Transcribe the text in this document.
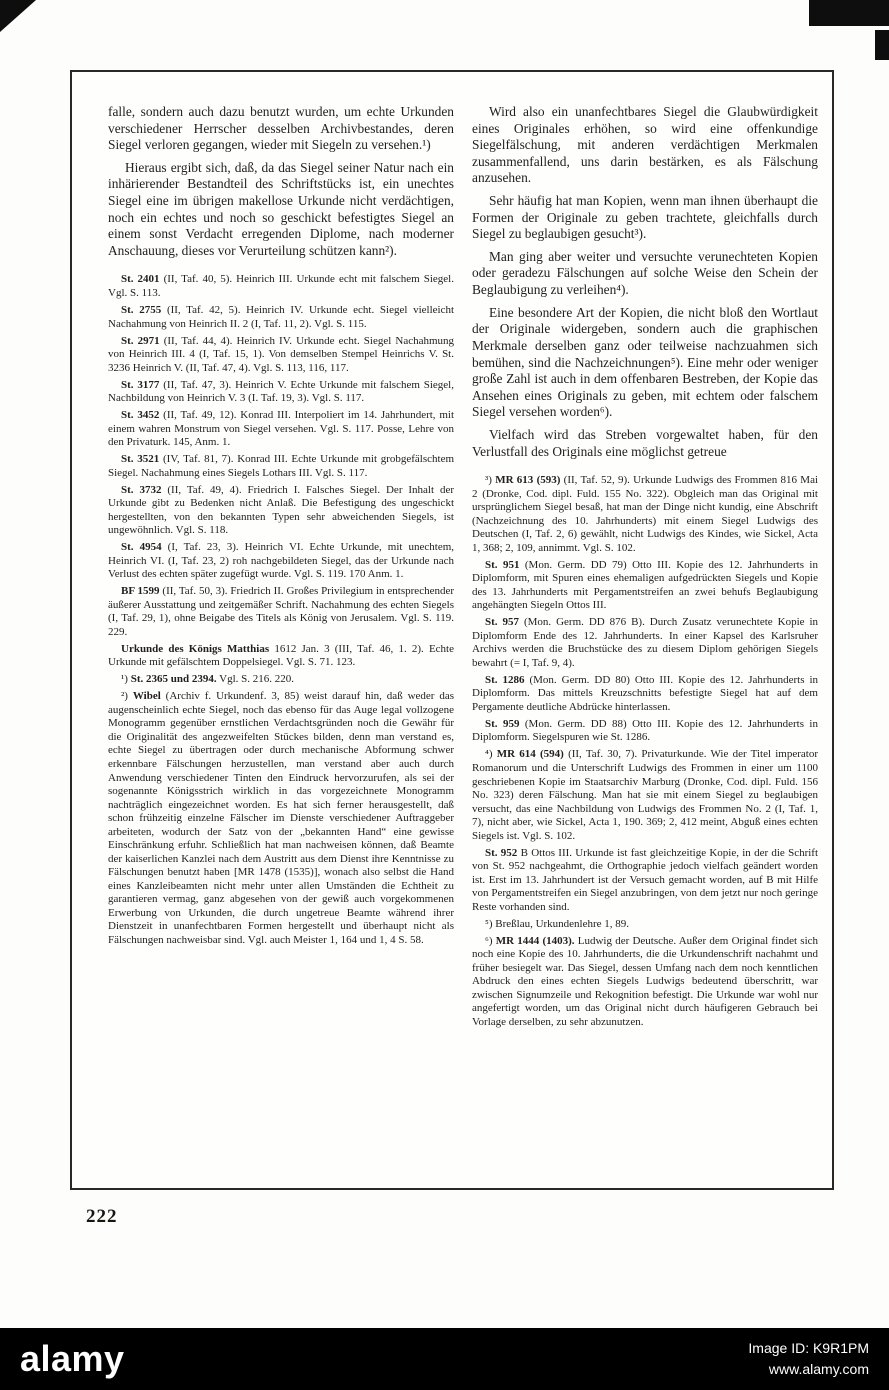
falle, sondern auch dazu benutzt wurden, um echte Urkunden verschiedener Herrscher desselben Archivbestandes, deren Siegel verloren gegangen, wieder mit Siegeln zu versehen.¹)

Hieraus ergibt sich, daß, da das Siegel seiner Natur nach ein inhärierender Bestandteil des Schriftstücks ist, ein unechtes Siegel eine im übrigen makellose Urkunde nicht verdächtigen, noch ein echtes und noch so geschickt befestigtes Siegel an einem sonst Verdacht erregenden Diplome, nach moderner Anschauung, dieses vor Verurteilung schützen kann²).

St. 2401 (II, Taf. 40, 5). Heinrich III. Urkunde echt mit falschem Siegel. Vgl. S. 113.

St. 2755 (II, Taf. 42, 5). Heinrich IV. Urkunde echt. Siegel vielleicht Nachahmung von Heinrich II. 2 (I, Taf. 11, 2). Vgl. S. 115.

St. 2971 (II, Taf. 44, 4). Heinrich IV. Urkunde echt. Siegel Nachahmung von Heinrich III. 4 (I, Taf. 15, 1). Von demselben Stempel Heinrichs V. St. 3236 Heinrich V. (II, Taf. 47, 4). Vgl. S. 113, 116, 117.

St. 3177 (II, Taf. 47, 3). Heinrich V. Echte Urkunde mit falschem Siegel, Nachbildung von Heinrich V. 3 (I. Taf. 19, 3). Vgl. S. 117.

St. 3452 (II, Taf. 49, 12). Konrad III. Interpoliert im 14. Jahrhundert, mit einem wahren Monstrum von Siegel versehen. Vgl. S. 117. Posse, Lehre von den Privaturk. 145, Anm. 1.

St. 3521 (IV, Taf. 81, 7). Konrad III. Echte Urkunde mit grobgefälschtem Siegel. Nachahmung eines Siegels Lothars III. Vgl. S. 117.

St. 3732 (II, Taf. 49, 4). Friedrich I. Falsches Siegel. Der Inhalt der Urkunde gibt zu Bedenken nicht Anlaß. Die Befestigung des ungeschickt hergestellten, von den bekannten Typen sehr abweichenden Siegels, ist ungewöhnlich. Vgl. S. 118.

St. 4954 (I, Taf. 23, 3). Heinrich VI. Echte Urkunde, mit unechtem, Heinrich VI. (I, Taf. 23, 2) roh nachgebildeten Siegel, das der Urkunde nach Verlust des echten später zugefügt wurde. Vgl. S. 119. 170 Anm. 1.

BF 1599 (II, Taf. 50, 3). Friedrich II. Großes Privilegium in entsprechender äußerer Ausstattung und zeitgemäßer Schrift. Nachahmung des echten Siegels (I, Taf. 29, 1), ohne Beigabe des Titels als König von Jerusalem. Vgl. S. 119. 229.

Urkunde des Königs Matthias 1612 Jan. 3 (III, Taf. 46, 1. 2). Echte Urkunde mit gefälschtem Doppelsiegel. Vgl. S. 71. 123.

¹) St. 2365 und 2394. Vgl. S. 216. 220.

²) Wibel (Archiv f. Urkundenf. 3, 85) weist darauf hin, daß weder das augenscheinlich echte Siegel, noch das ebenso für das Auge legal vollzogene Monogramm gegenüber ernstlichen Verdachtsgründen noch die Gewähr für die Originalität des angezweifelten Stückes bilden, denn man verstand es, echte Siegel zu übertragen oder durch mechanische Abformung schwer erkennbare Fälschungen herzustellen, man verstand aber auch durch Anwendung verschiedener Tinten den Eindruck hervorzurufen, als sei der sogenannte Königsstrich wirklich in das vorgezeichnete Monogramm nachträglich eingezeichnet worden. Es hat sich ferner herausgestellt, daß schon frühzeitig einzelne Fälscher im Dienste verschiedener Auftraggeber arbeiteten, wodurch der Satz von der „bekannten Hand“ eine gewisse Einschränkung erfuhr. Schließlich hat man nachweisen können, daß Beamte der kaiserlichen Kanzlei nach dem Austritt aus dem Dienst ihre Kenntnisse zu Fälschungen benutzt haben [MR 1478 (1535)], wonach also selbst die Hand eines Kanzleibeamten nicht mehr unter allen Umständen die Echtheit zu garantieren vermag, ganz abgesehen von der gewiß auch vorgekommenen Erwerbung von Urkunden, die durch ungetreue Beamte während ihrer Dienstzeit in unanfechtbaren Formen hergestellt und überhaupt nicht als Fälschungen nachweisbar sind. Vgl. auch Meister 1, 164 und 1, 4 S. 58.

Wird also ein unanfechtbares Siegel die Glaubwürdigkeit eines Originales erhöhen, so wird eine offenkundige Siegelfälschung, mit anderen verdächtigen Merkmalen zusammenfallend, uns darin bestärken, es als Fälschung anzusehen.

Sehr häufig hat man Kopien, wenn man ihnen überhaupt die Formen der Originale zu geben trachtete, gleichfalls durch Siegel zu beglaubigen gesucht³).

Man ging aber weiter und versuchte verunechteten Kopien oder geradezu Fälschungen auf solche Weise den Schein der Beglaubigung zu verleihen⁴).

Eine besondere Art der Kopien, die nicht bloß den Wortlaut der Originale widergeben, sondern auch die graphischen Merkmale derselben ganz oder teilweise nachzuahmen sich bemühen, sind die Nachzeichnungen⁵). Eine mehr oder weniger große Zahl ist auch in dem offenbaren Bestreben, der Kopie das Ansehen eines Originals zu geben, mit echtem oder falschem Siegel versehen worden⁶).

Vielfach wird das Streben vorgewaltet haben, für den Verlustfall des Originals eine möglichst getreue

³) MR 613 (593) (II, Taf. 52, 9). Urkunde Ludwigs des Frommen 816 Mai 2 (Dronke, Cod. dipl. Fuld. 155 No. 322). Obgleich man das Original mit ursprünglichem Siegel besaß, hat man der Dinge nicht kundig, eine Abschrift (Nachzeichnung des 10. Jahrhunderts) mit einem Siegel Ludwigs des Deutschen (I, Taf. 2, 6) gewählt, nicht Ludwigs des Kindes, wie Sickel, Acta 1, 368; 2, 109, annimmt. Vgl. S. 102.

St. 951 (Mon. Germ. DD 79) Otto III. Kopie des 12. Jahrhunderts in Diplomform, mit Spuren eines ehemaligen aufgedrückten Siegels und Kopie des 13. Jahrhunderts mit Pergamentstreifen an zwei behufs Beglaubigung angehängten Siegeln Ottos III.

St. 957 (Mon. Germ. DD 876 B). Durch Zusatz verunechtete Kopie in Diplomform Ende des 12. Jahrhunderts. In einer Kapsel des Karlsruher Archivs werden die Bruchstücke des zu diesem Diplom gehörigen Siegels bewahrt (= I, Taf. 9, 4).

St. 1286 (Mon. Germ. DD 80) Otto III. Kopie des 12. Jahrhunderts in Diplomform. Das mittels Kreuzschnitts befestigte Siegel hat auf dem Pergamente deutliche Abdrücke hinterlassen.

St. 959 (Mon. Germ. DD 88) Otto III. Kopie des 12. Jahrhunderts in Diplomform. Siegelspuren wie St. 1286.

⁴) MR 614 (594) (II, Taf. 30, 7). Privaturkunde. Wie der Titel imperator Romanorum und die Unterschrift Ludwigs des Frommen in einer um 1100 geschriebenen Kopie im Staatsarchiv Marburg (Dronke, Cod. dipl. Fuld. 156 No. 323) deren Fälschung. Man hat sie mit einem Siegel zu beglaubigen versucht, das eine Nachbildung von Ludwigs des Frommen No. 2 (I, Taf. 1, 7), nicht aber, wie Sickel, Acta 1, 190. 369; 2, 412 meint, Abguß eines echten Siegels ist. Vgl. S. 102.

St. 952 B Ottos III. Urkunde ist fast gleichzeitige Kopie, in der die Schrift von St. 952 nachgeahmt, die Orthographie jedoch vielfach geändert worden ist. Erst im 13. Jahrhundert ist der Versuch gemacht worden, auf B mit Hilfe von Pergamentstreifen ein Siegel anzubringen, von dem jetzt nur noch geringe Reste vorhanden sind.

⁵) Breßlau, Urkundenlehre 1, 89.

⁶) MR 1444 (1403). Ludwig der Deutsche. Außer dem Original findet sich noch eine Kopie des 10. Jahrhunderts, die die Urkundenschrift nachahmt und früher besiegelt war. Das Siegel, dessen Umfang nach dem noch kenntlichen Abdruck den eines echten Siegels Ludwigs bedeutend überschritt, war zwischen Signumzeile und Rekognition befestigt. Die Urkunde war wohl nur angefertigt worden, um das Original nicht durch häufigeren Gebrauch bei Vorlage derselben, zu sehr abzunutzen.

222
alamy	Image ID: K9R1PM
www.alamy.com
